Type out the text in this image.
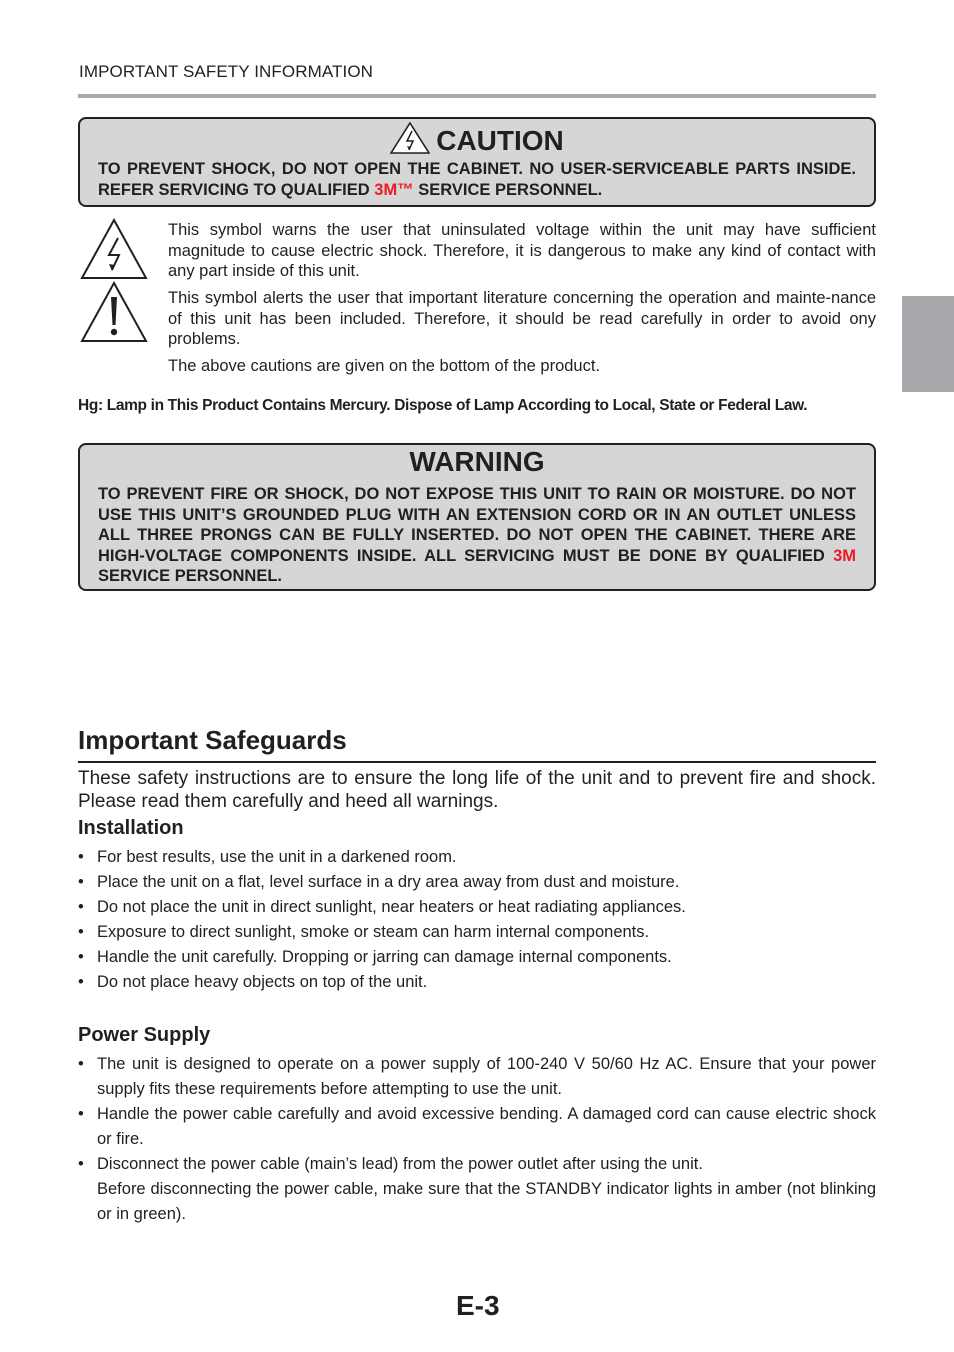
IMPORTANT SAFETY INFORMATION
CAUTION
TO PREVENT SHOCK, DO NOT OPEN THE CABINET. NO USER-SERVICEABLE PARTS INSIDE. REFER SERVICING TO QUALIFIED 3M™ SERVICE PERSONNEL.
This symbol warns the user that uninsulated voltage within the unit may have sufficient magnitude to cause electric shock. Therefore, it is dangerous to make any kind of contact with any part inside of this unit.
This symbol alerts the user that important literature concerning the operation and mainte-nance of this unit has been included. Therefore, it should be read carefully in order to avoid ony problems.
The above cautions are given on the bottom of the product.
Hg: Lamp in This Product Contains Mercury. Dispose of Lamp According to Local, State or Federal Law.
WARNING
TO PREVENT FIRE OR SHOCK, DO NOT EXPOSE THIS UNIT TO RAIN OR MOISTURE. DO NOT USE THIS UNIT’S GROUNDED PLUG WITH AN EXTENSION CORD OR IN AN OUTLET UNLESS ALL THREE PRONGS CAN BE FULLY INSERTED. DO NOT OPEN THE CABINET. THERE ARE HIGH-VOLTAGE COMPONENTS INSIDE. ALL SERVICING MUST BE DONE BY QUALIFIED 3M SERVICE PERSONNEL.
Important Safeguards
These safety instructions are to ensure the long life of the unit and to prevent fire and shock. Please read them carefully and heed all warnings.
Installation
• For best results, use the unit in a darkened room.
• Place the unit on a flat, level surface in a dry area away from dust and moisture.
• Do not place the unit in direct sunlight, near heaters or heat radiating appliances.
• Exposure to direct sunlight, smoke or steam can harm internal components.
• Handle the unit carefully. Dropping or jarring can damage internal components.
• Do not place heavy objects on top of the unit.
Power Supply
• The unit is designed to operate on a power supply of 100-240 V 50/60 Hz AC. Ensure that your power supply fits these requirements before attempting to use the unit.
• Handle the power cable carefully and avoid excessive bending. A damaged cord can cause electric shock or fire.
• Disconnect the power cable (main’s lead) from the power outlet after using the unit.
Before disconnecting the power cable, make sure that the STANDBY indicator lights in amber (not blinking or in green).
E-3
